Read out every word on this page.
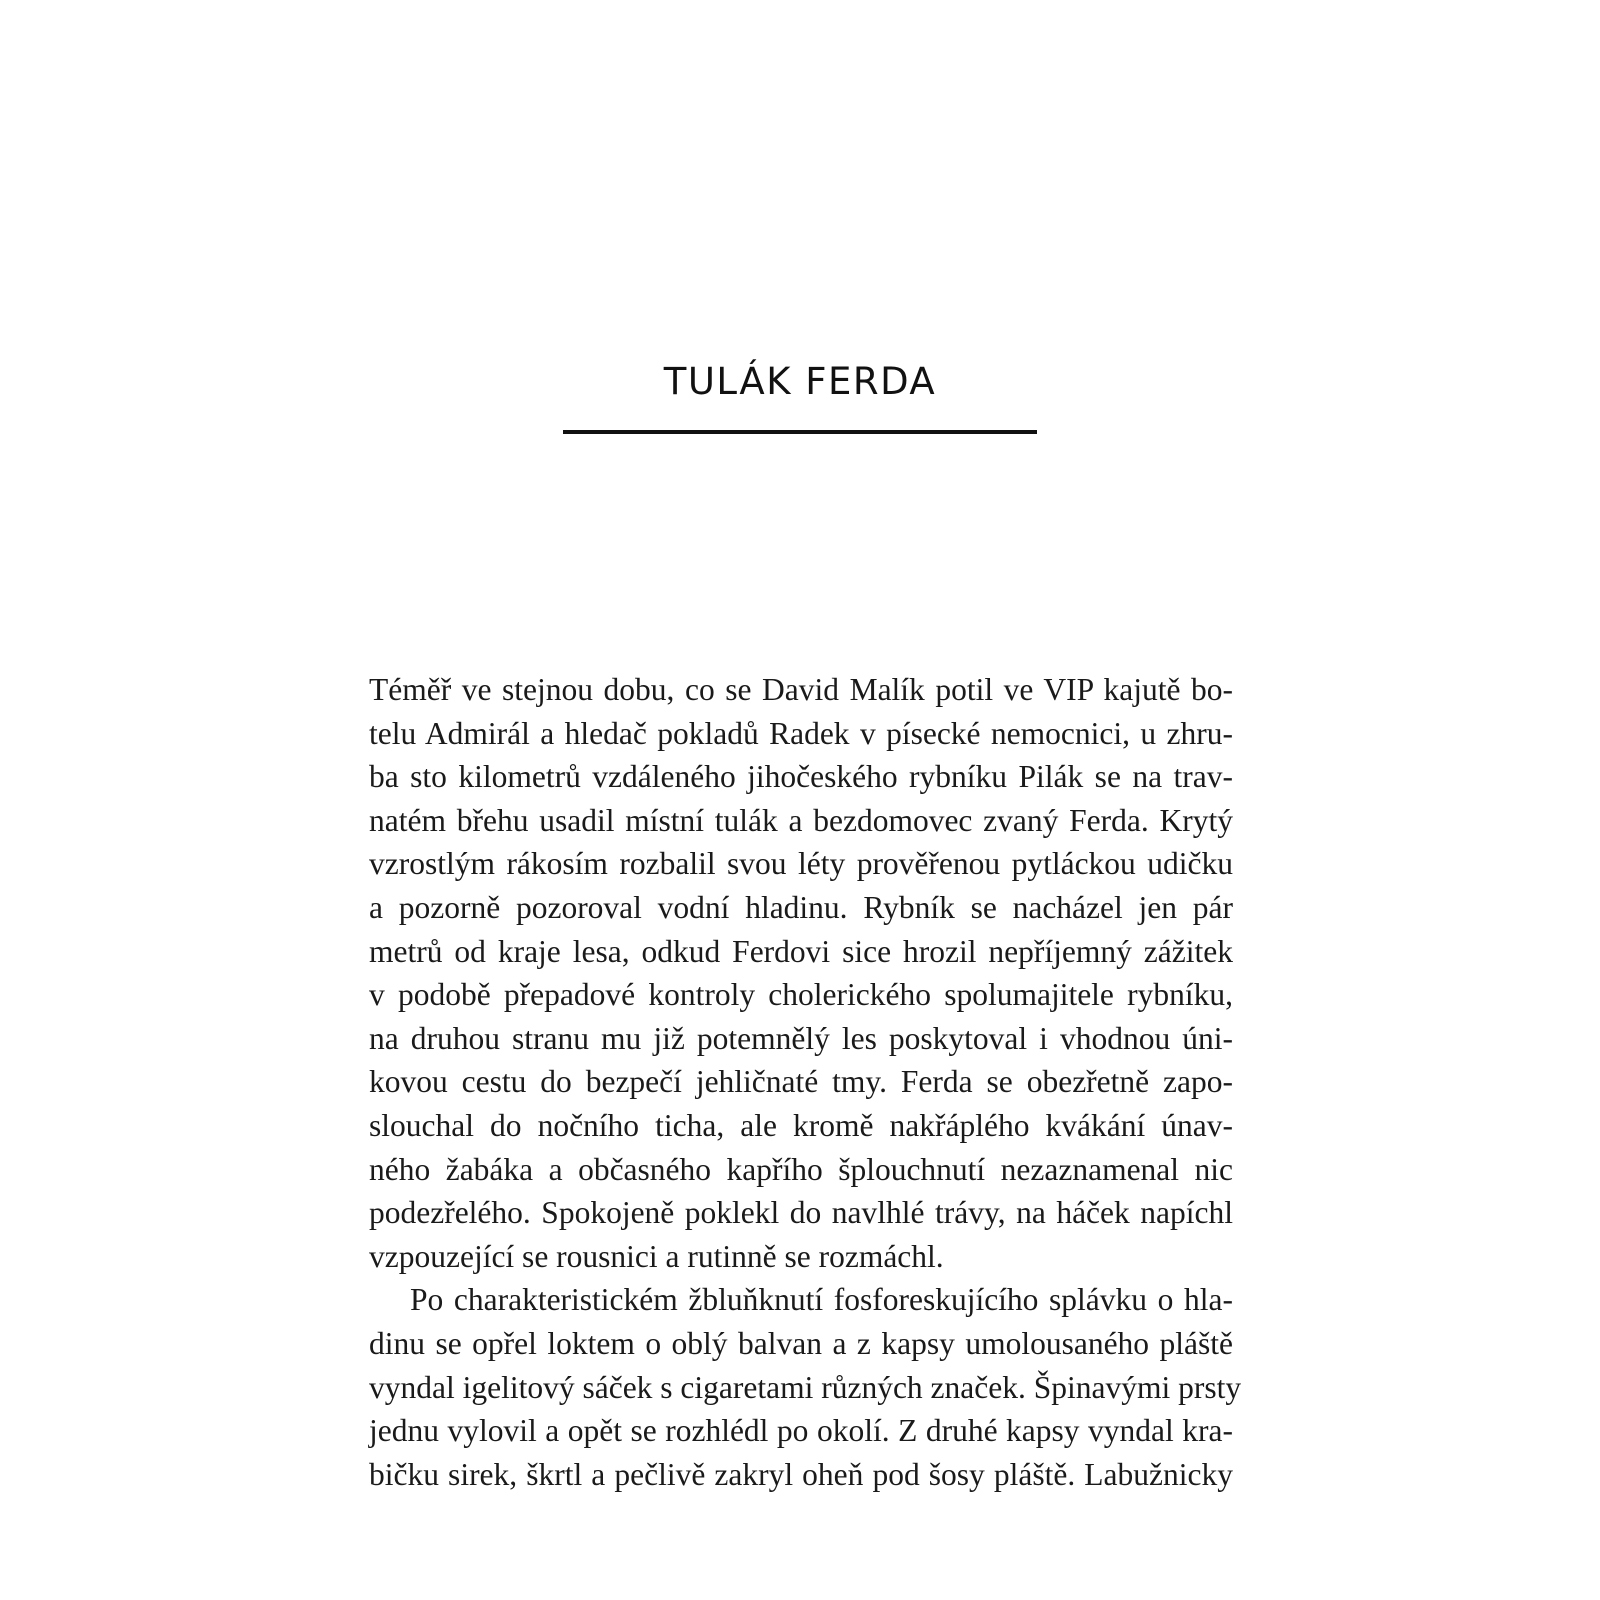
TULÁK FERDA
Téměř ve stejnou dobu, co se David Malík potil ve VIP kajutě bo-
telu Admirál a hledač pokladů Radek v písecké nemocnici, u zhru-
ba sto kilometrů vzdáleného jihočeského rybníku Pilák se na trav-
natém břehu usadil místní tulák a bezdomovec zvaný Ferda. Krytý
vzrostlým rákosím rozbalil svou léty prověřenou pytláckou udičku
a pozorně pozoroval vodní hladinu. Rybník se nacházel jen pár
metrů od kraje lesa, odkud Ferdovi sice hrozil nepříjemný zážitek
v podobě přepadové kontroly cholerického spolumajitele rybníku,
na druhou stranu mu již potemnělý les poskytoval i vhodnou úni-
kovou cestu do bezpečí jehličnaté tmy. Ferda se obezřetně zapo-
slouchal do nočního ticha, ale kromě nakřáplého kvákání únav-
ného žabáka a občasného kapřího šplouchnutí nezaznamenal nic
podezřelého. Spokojeně poklekl do navlhlé trávy, na háček napíchl
vzpouzející se rousnici a rutinně se rozmáchl.
Po charakteristickém žbluňknutí fosforeskujícího splávku o hla-
dinu se opřel loktem o oblý balvan a z kapsy umolousaného pláště
vyndal igelitový sáček s cigaretami různých značek. Špinavými prsty
jednu vylovil a opět se rozhlédl po okolí. Z druhé kapsy vyndal kra-
bičku sirek, škrtl a pečlivě zakryl oheň pod šosy pláště. Labužnicky
